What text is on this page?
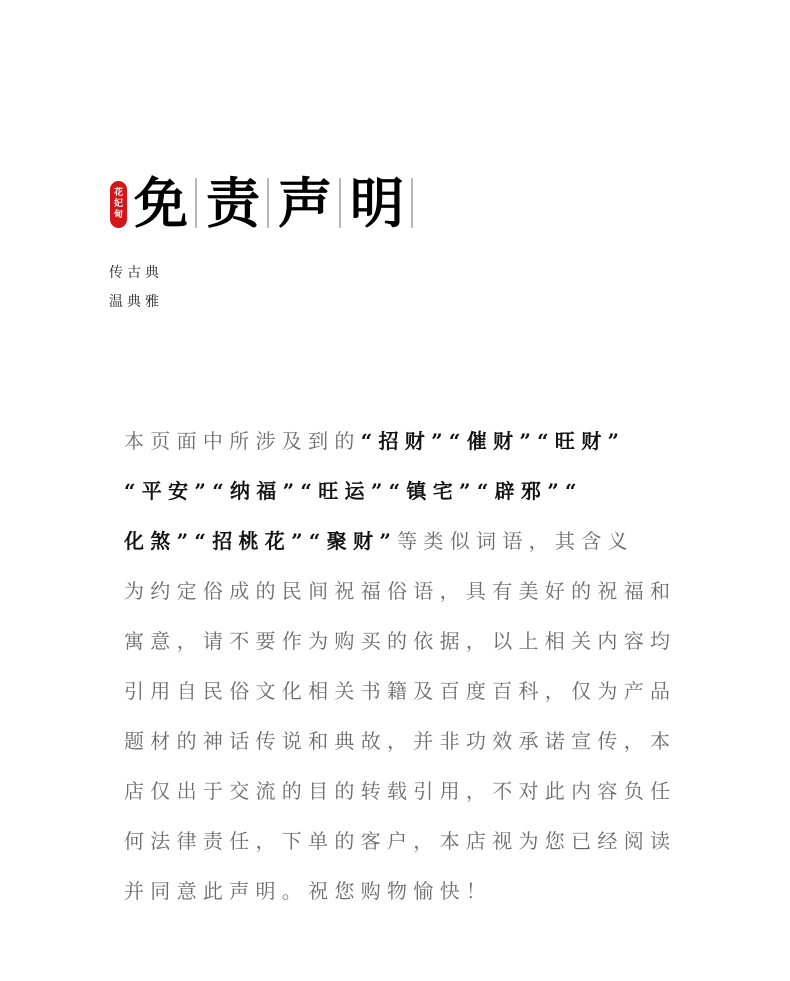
花
妃
甸 免 责 声 明
传古典
温典雅
本页面中所涉及到的“招财”“催财”“旺财”
“平安”“纳福”“旺运”“镇宅”“辟邪”“
化煞”“招桃花”“聚财”等类似词语，其含义
为约定俗成的民间祝福俗语，具有美好的祝福和
寓意，请不要作为购买的依据，以上相关内容均
引用自民俗文化相关书籍及百度百科，仅为产品
题材的神话传说和典故，并非功效承诺宣传，本
店仅出于交流的目的转载引用，不对此内容负任
何法律责任，下单的客户，本店视为您已经阅读
并同意此声明。祝您购物愉快！
